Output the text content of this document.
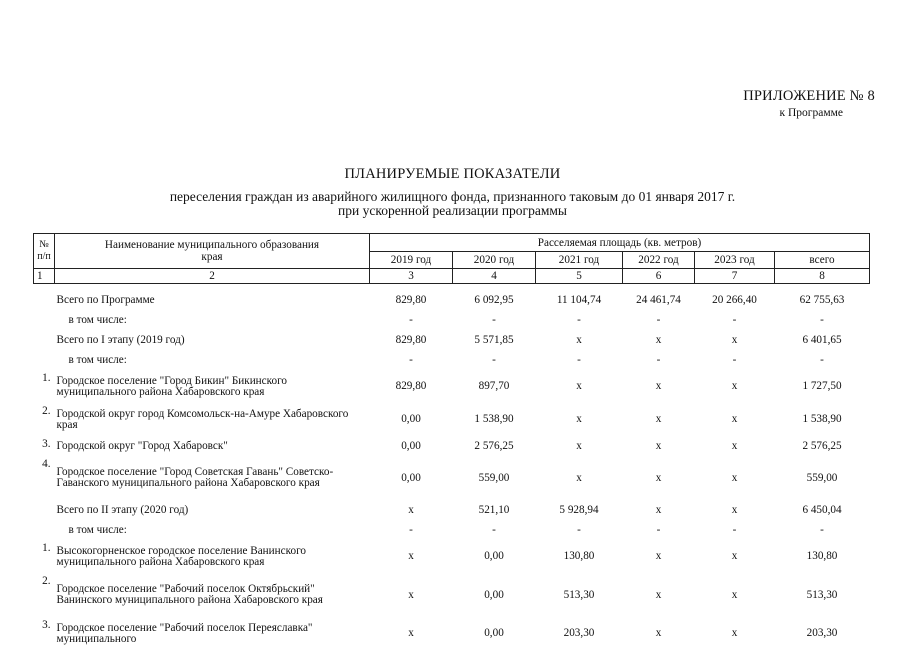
ПРИЛОЖЕНИЕ № 8
к Программе
ПЛАНИРУЕМЫЕ ПОКАЗАТЕЛИ
переселения граждан из аварийного жилищного фонда, признанного таковым до 01 января 2017 г.
при ускоренной реализации программы
№ п/п	Наименование муниципального образования края	Расселяемая площадь (кв. метров)					
		2019 год	2020 год	2021 год	2022 год	2023 год	всего
1	2	3	4	5	6	7	8

	Всего по Программе	829,80	6 092,95	11 104,74	24 461,74	20 266,40	62 755,63
	в том числе:	-	-	-	-	-	-
	Всего по I этапу (2019 год)	829,80	5 571,85	х	х	х	6 401,65
	в том числе:	-	-	-	-	-	-
1.	Городское поселение "Город Бикин" Бикинского муниципального района Хабаровского края	829,80	897,70	х	х	х	1 727,50
2.	Городской округ город Комсомольск-на-Амуре Хабаровского края	0,00	1 538,90	х	х	х	1 538,90
3.	Городской округ "Город Хабаровск"	0,00	2 576,25	х	х	х	2 576,25
4.	Городское поселение "Город Советская Гавань" Советско-Гаванского муниципального района Хабаровского края	0,00	559,00	х	х	х	559,00
	Всего по II этапу (2020 год)	х	521,10	5 928,94	х	х	6 450,04
	в том числе:	-	-	-	-	-	-
1.	Высокогорненское городское поселение Ванинского муниципального района Хабаровского края	х	0,00	130,80	х	х	130,80
2.	Городское поселение "Рабочий поселок Октябрьский" Ванинского муниципального района Хабаровского края	х	0,00	513,30	х	х	513,30
3.	Городское поселение "Рабочий поселок Переяславка" муниципального	х	0,00	203,30	х	х	203,30
